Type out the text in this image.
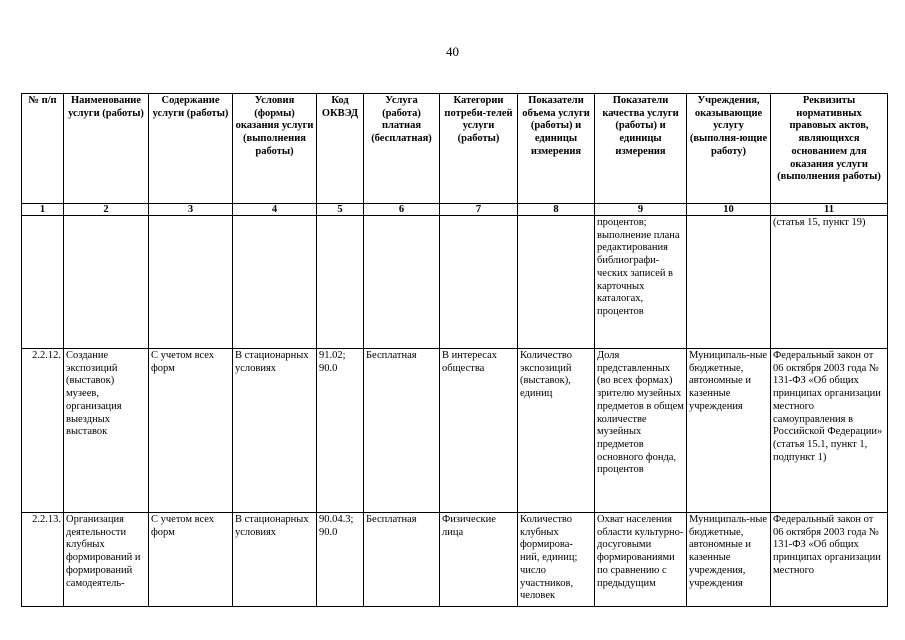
40
№ п/п	Наименование услуги (работы)	Содержание услуги (работы)	Условия (формы) оказания услуги (выполнения работы)	Код ОКВЭД	Услуга (работа) платная (бесплатная)	Категории потреби-телей услуги (работы)	Показатели объема услуги (работы) и единицы измерения	Показатели качества услуги (работы) и единицы измерения	Учреждения, оказывающие услугу (выполня-ющие работу)	Реквизиты нормативных правовых актов, являющихся основанием для оказания услуги (выполнения работы)
1	2	3	4	5	6	7	8	9	10	11
								процентов; выполнение плана редактирования библиографи-ческих записей в карточных каталогах, процентов		(статья 15, пункт 19)
2.2.12.	Создание экспозиций (выставок) музеев, организация выездных выставок	С учетом всех форм	В стационарных условиях	91.02; 90.0	Бесплатная	В интересах общества	Количество экспозиций (выставок), единиц	Доля представленных (во всех формах) зрителю музейных предметов в общем количестве музейных предметов основного фонда, процентов	Муниципаль-ные бюджетные, автономные и казенные учреждения	Федеральный закон от 06 октября 2003 года № 131-ФЗ «Об общих принципах организации местного самоуправления в Российской Федерации» (статья 15.1, пункт 1, подпункт 1)
2.2.13.	Организация деятельности клубных формирований и формирований самодеятель-	С учетом всех форм	В стационарных условиях	90.04.3; 90.0	Бесплатная	Физические лица	Количество клубных формирова-ний, единиц; число участников, человек	Охват населения области культурно-досуговыми формированиями по сравнению с предыдущим	Муниципаль-ные бюджетные, автономные и казенные учреждения, учреждения	Федеральный закон от 06 октября 2003 года № 131-ФЗ «Об общих принципах организации местного
